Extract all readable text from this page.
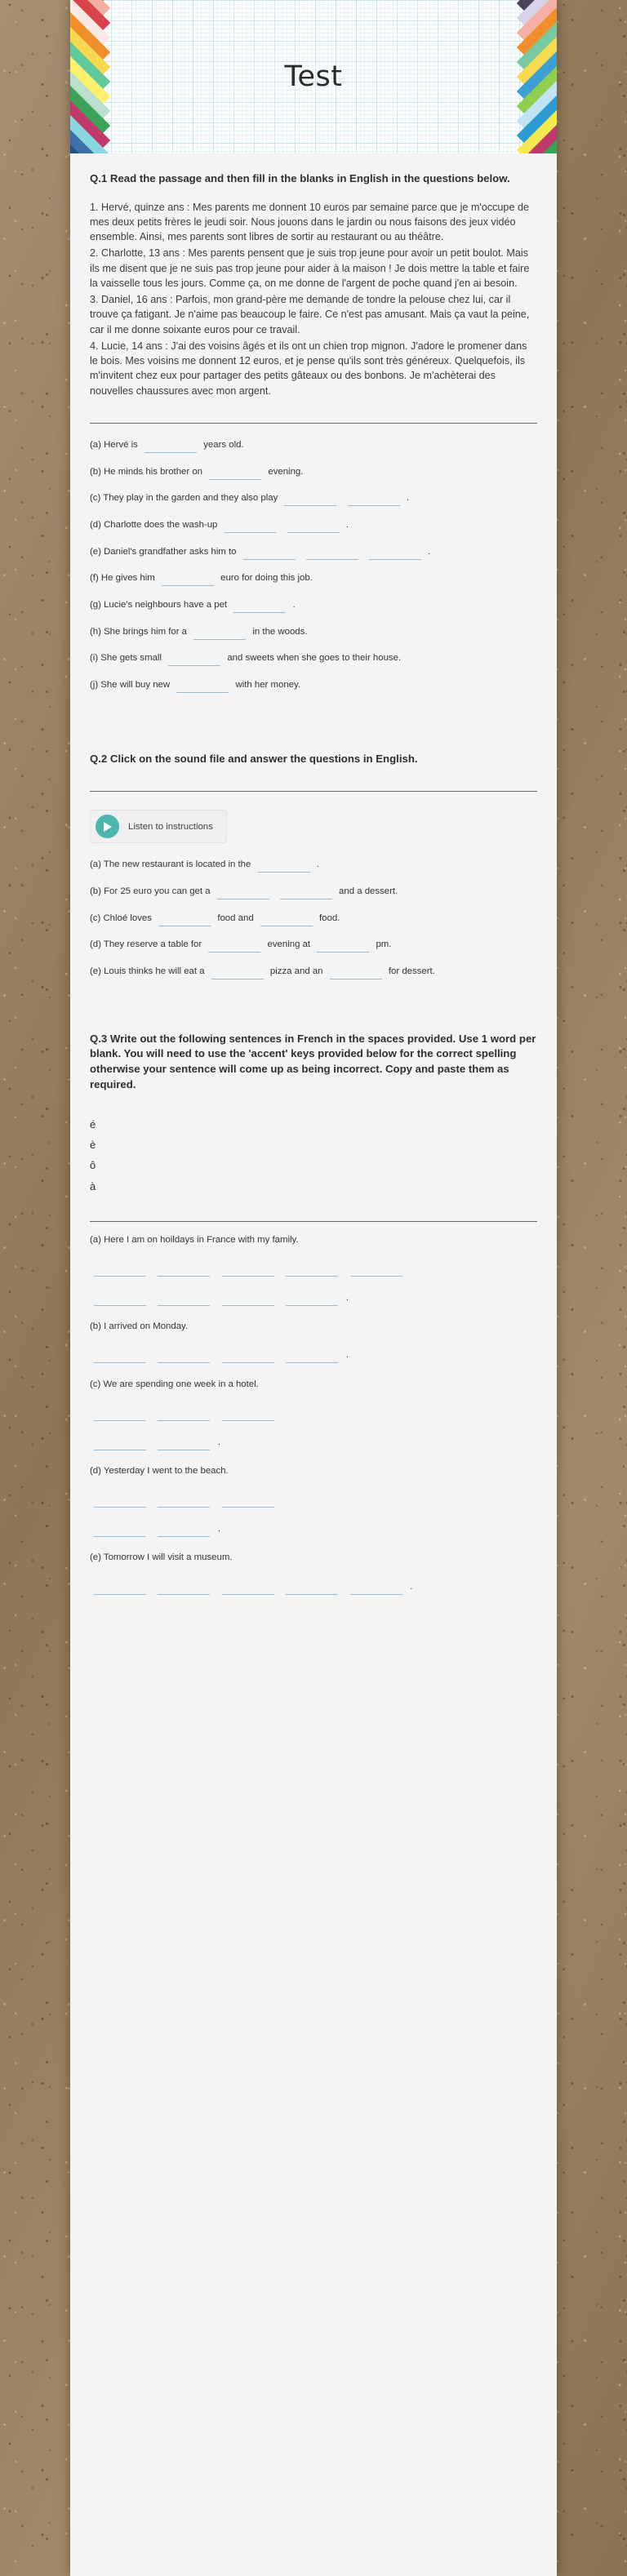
Test
Q.1 Read the passage and then fill in the blanks in English in the questions below.

1. Hervé, quinze ans : Mes parents me donnent 10 euros par semaine parce que je m'occupe de mes deux petits frères le jeudi soir. Nous jouons dans le jardin ou nous faisons des jeux vidéo ensemble. Ainsi, mes parents sont libres de sortir au restaurant ou au théâtre.

2. Charlotte, 13 ans : Mes parents pensent que je suis trop jeune pour avoir un petit boulot. Mais ils me disent que je ne suis pas trop jeune pour aider à la maison ! Je dois mettre la table et faire la vaisselle tous les jours. Comme ça, on me donne de l'argent de poche quand j'en ai besoin.

3. Daniel, 16 ans : Parfois, mon grand-père me demande de tondre la pelouse chez lui, car il trouve ça fatigant. Je n'aime pas beaucoup le faire. Ce n'est pas amusant. Mais ça vaut la peine, car il me donne soixante euros pour ce travail.

4. Lucie, 14 ans : J'ai des voisins âgés et ils ont un chien trop mignon. J'adore le promener dans le bois. Mes voisins me donnent 12 euros, et je pense qu'ils sont très généreux. Quelquefois, ils m'invitent chez eux pour partager des petits gâteaux ou des bonbons. Je m'achèterai des nouvelles chaussures avec mon argent.

(a) Hervé is	years old.
(b) He minds his brother on	evening.
(c) They play in the garden and they also play	.
(d) Charlotte does the wash-up	.
(e) Daniel's grandfather asks him to	.
(f) He gives him	euro for doing this job.
(g) Lucie's neighbours have a pet	.
(h) She brings him for a	in the woods.
(i) She gets small	and sweets when she goes to their house.
(j) She will buy new	with her money.
Q.2 Click on the sound file and answer the questions in English.
Listen to instructions
(a) The new restaurant is located in the	.
(b) For 25 euro you can get a	and a dessert.
(c) Chloé loves	food and	food.
(d) They reserve a table for	evening at	pm.
(e) Louis thinks he will eat a	pizza and an	for dessert.
Q.3 Write out the following sentences in French in the spaces provided. Use 1 word per blank. You will need to use the 'accent' keys provided below for the correct spelling otherwise your sentence will come up as being incorrect. Copy and paste them as required.
é
è
ô
à
(a) Here I am on hoildays in France with my family.

.
(b) I arrived on Monday.
.
(c) We are spending one week in a hotel.

.
(d) Yesterday I went to the beach.

.
(e) Tomorrow I will visit a museum.
.
